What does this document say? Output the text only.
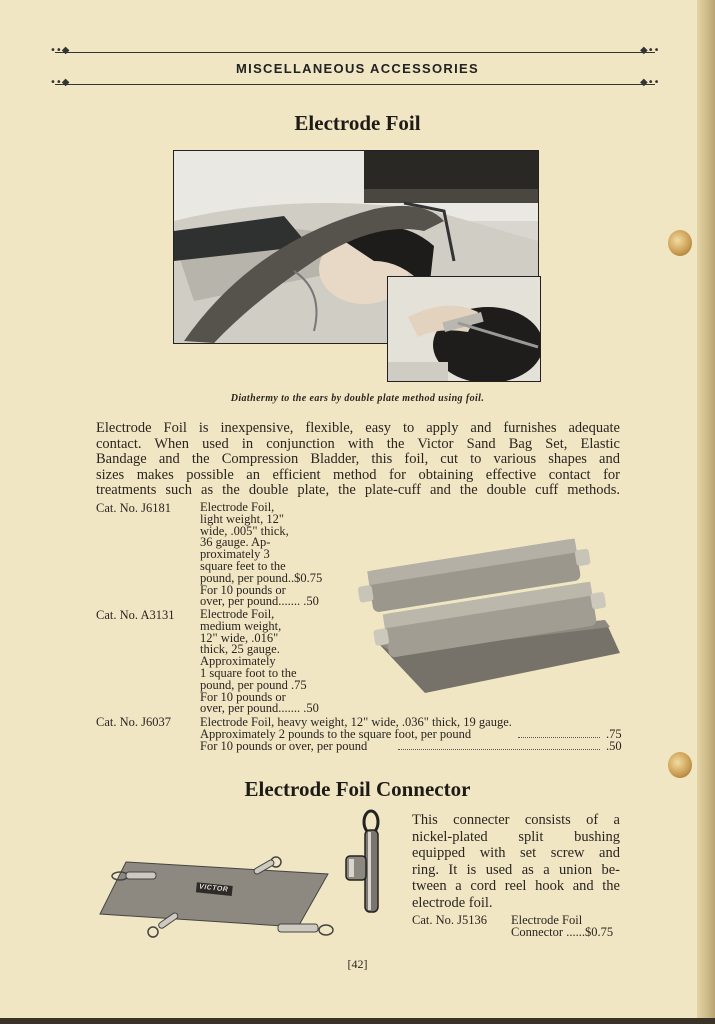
••◆	◆••
••◆	◆••
MISCELLANEOUS ACCESSORIES
Electrode Foil
Diathermy to the ears by double plate method using foil.
Electrode Foil is inexpensive, flexible, easy to apply and furnishes adequate
contact. When used in conjunction with the Victor Sand Bag Set, Elastic
Bandage and the Compression Bladder, this foil, cut to various shapes and
sizes makes possible an efficient method for obtaining effective contact for
treatments such as the double plate, the plate-cuff and the double cuff methods.
Cat. No. J6181 Electrode Foil,
light weight, 12"
wide, .005" thick,
36 gauge. Ap-
proximately 3
square feet to the
pound, per pound..$0.75
For 10 pounds or
over, per pound....... .50
Cat. No. A3131 Electrode Foil,
medium weight,
12" wide, .016"
thick, 25 gauge.
Approximately
1 square foot to the
pound, per pound .75
For 10 pounds or
over, per pound....... .50
Cat. No. J6037 Electrode Foil, heavy weight, 12" wide, .036" thick, 19 gauge.
Approximately 2 pounds to the square foot, per pound	.75
For 10 pounds or over, per pound	.50
Electrode Foil Connector
VICTOR
This connecter consists of a
nickel-plated split bushing
equipped with set screw and
ring. It is used as a union be-
tween a cord reel hook and the
electrode foil.
Cat. No. J5136 Electrode Foil
Connector ......$0.75
[42]
